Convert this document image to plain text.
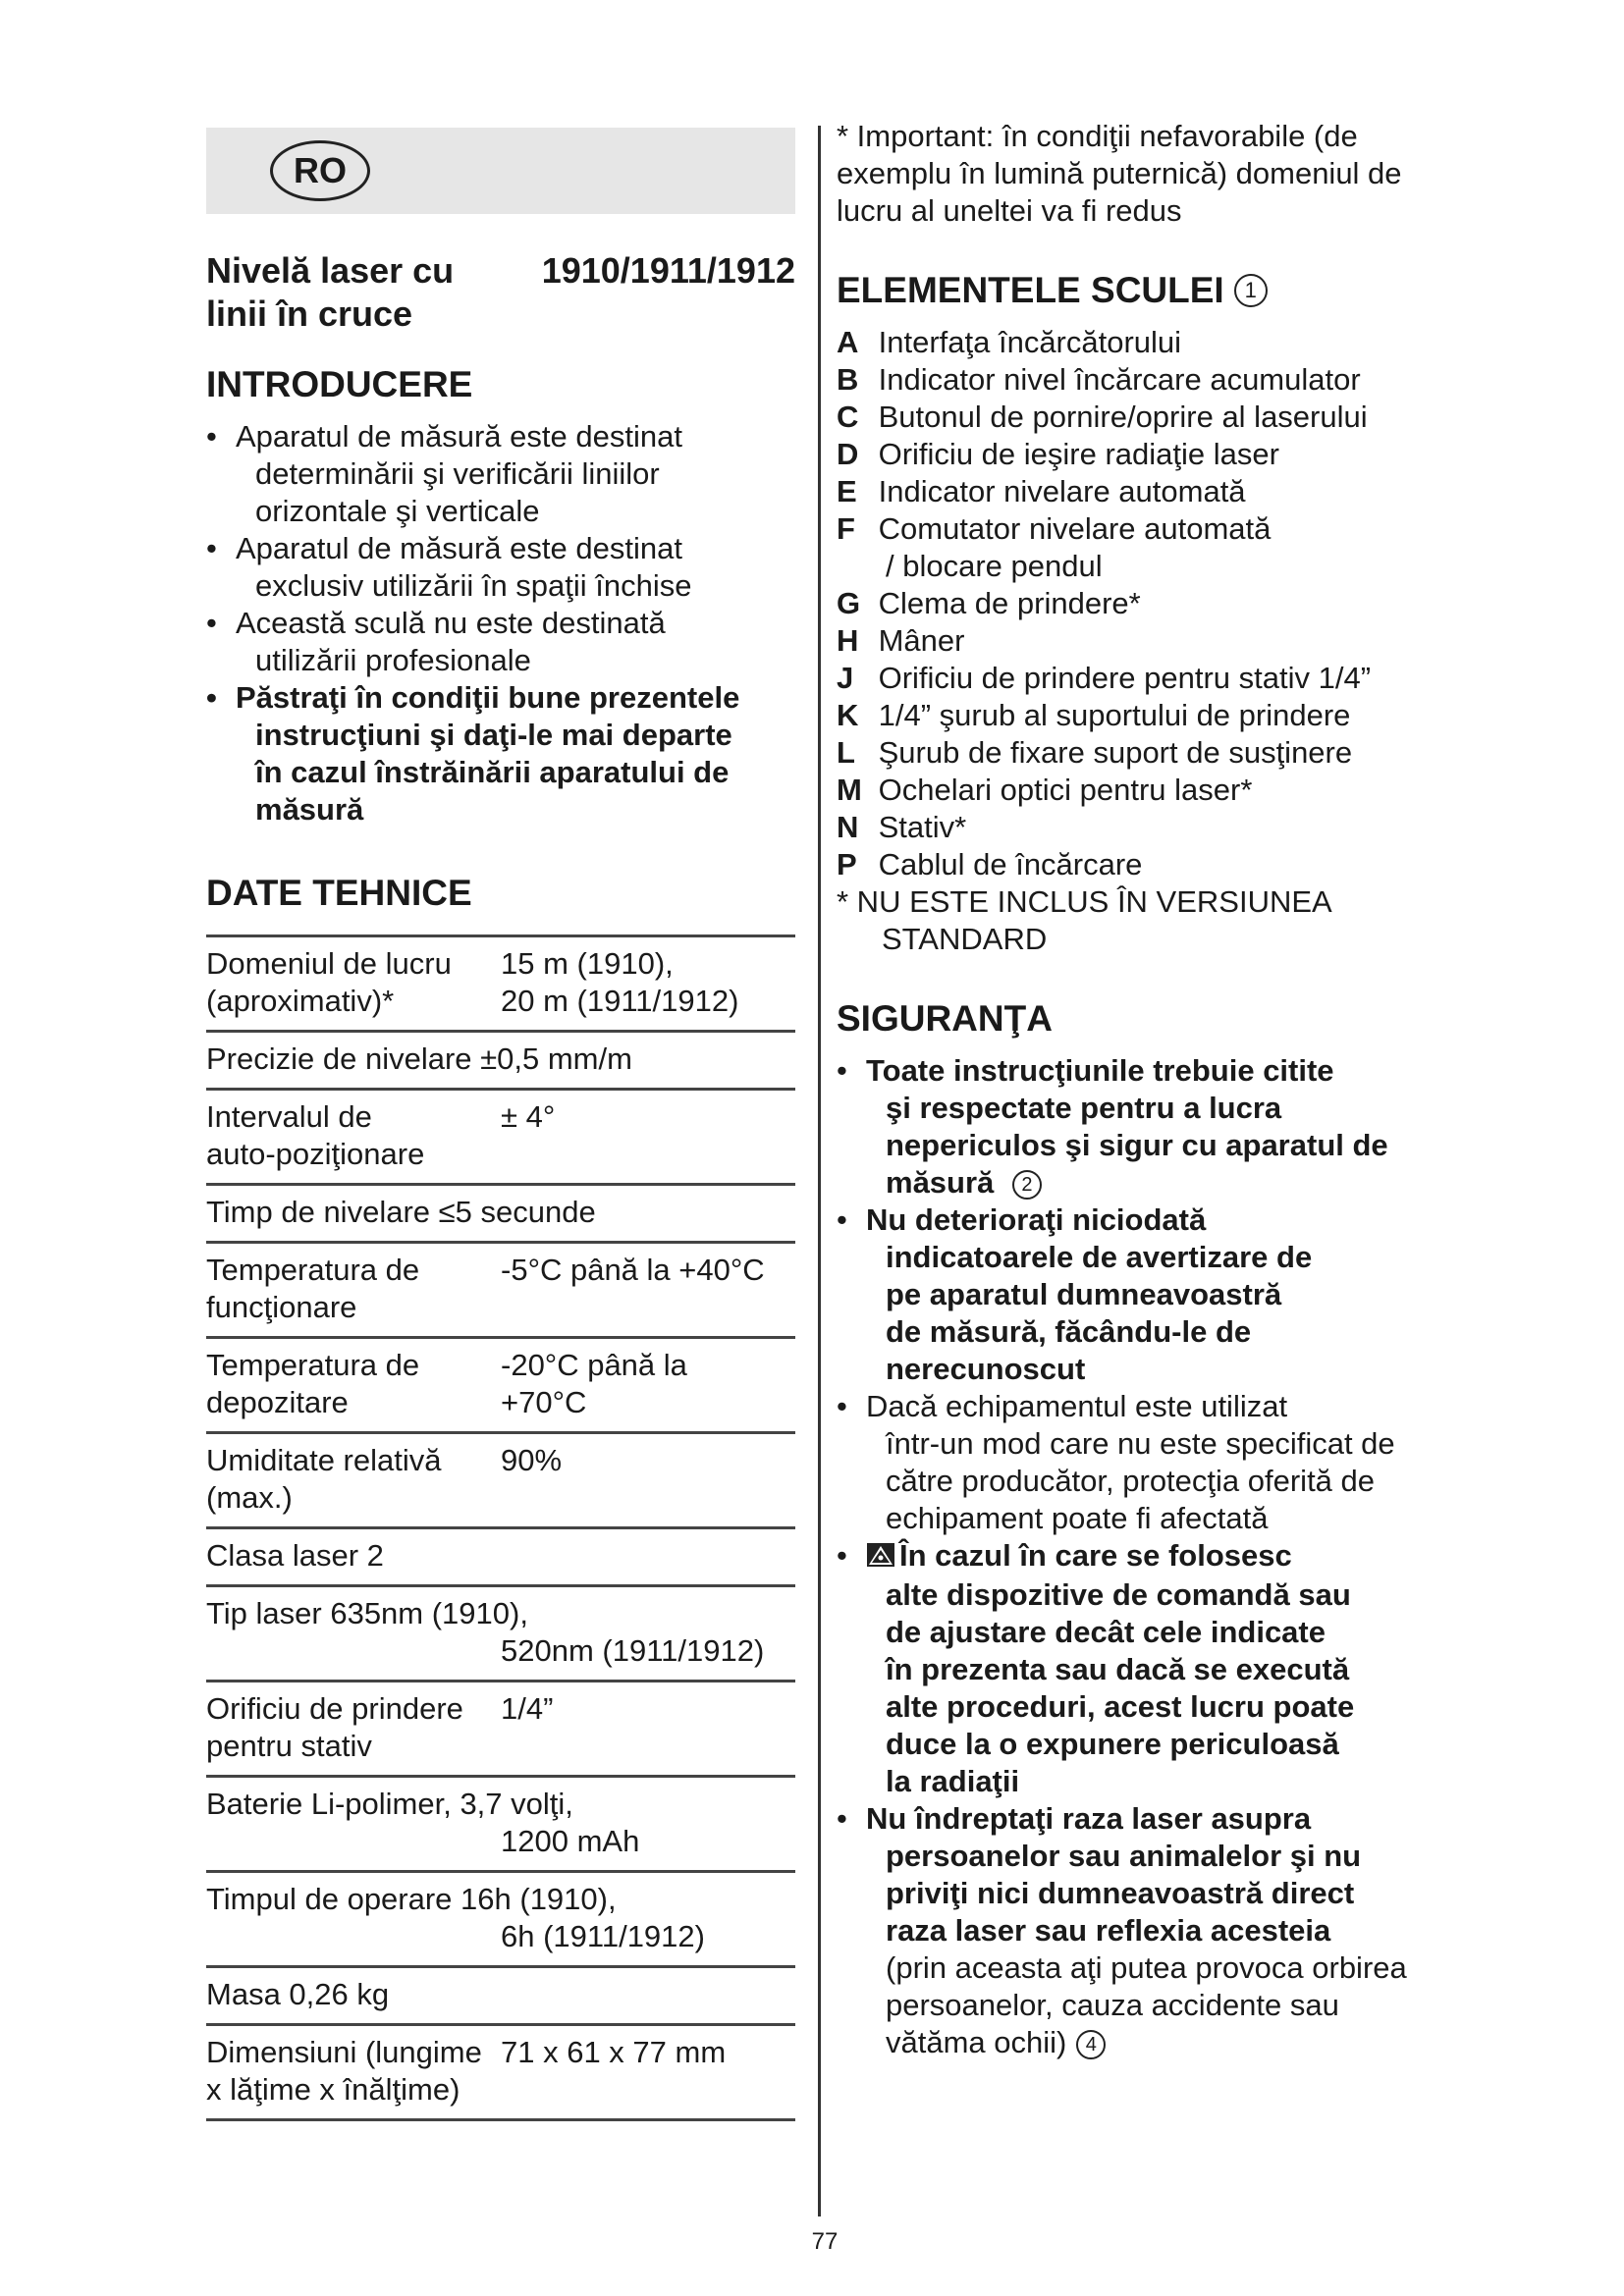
RO
Nivelă laser cu
linii în cruce
1910/1911/1912
INTRODUCERE
• Aparatul de măsură este destinat
determinării şi verificării liniilor
orizontale şi verticale
• Aparatul de măsură este destinat
exclusiv utilizării în spaţii închise
• Această sculă nu este destinată
utilizării profesionale
• Păstraţi în condiţii bune prezentele
instrucţiuni şi daţi-le mai departe
în cazul înstrăinării aparatului de
măsură
DATE TEHNICE
Domeniul de lucru
(aproximativ)*
15 m (1910),
20 m (1911/1912)
Precizie de nivelare ±0,5 mm/m
Intervalul de
auto-poziţionare
± 4°
Timp de nivelare ≤5 secunde
Temperatura de
funcţionare
-5°C până la +40°C
Temperatura de
depozitare
-20°C până la
+70°C
Umiditate relativă
(max.)
90%
Clasa laser 2
Tip laser 635nm (1910),
520nm (1911/1912)
Orificiu de prindere
pentru stativ
1/4”
Baterie Li-polimer, 3,7 volţi,
1200 mAh
Timpul de operare 16h (1910),
6h (1911/1912)
Masa 0,26 kg
Dimensiuni (lungime
x lăţime x înălţime)
71 x 61 x 77 mm
* Important: în condiţii nefavorabile (de
exemplu în lumină puternică) domeniul de
lucru al uneltei va fi redus
ELEMENTELE SCULEI 1
A Interfaţa încărcătorului
B Indicator nivel încărcare acumulator
C Butonul de pornire/oprire al laserului
D Orificiu de ieşire radiaţie laser
E Indicator nivelare automată
F Comutator nivelare automată
/ blocare pendul
G Clema de prindere*
H Mâner
J Orificiu de prindere pentru stativ 1/4”
K 1/4” şurub al suportului de prindere
L Şurub de fixare suport de susţinere
M Ochelari optici pentru laser*
N Stativ*
P Cablul de încărcare
* NU ESTE INCLUS ÎN VERSIUNEA
STANDARD
SIGURANŢA
• Toate instrucţiunile trebuie citite
şi respectate pentru a lucra
nepericulos şi sigur cu aparatul de
măsură 2
• Nu deterioraţi niciodată
indicatoarele de avertizare de
pe aparatul dumneavoastră
de măsură, făcându-le de
nerecunoscut
• Dacă echipamentul este utilizat
într-un mod care nu este specificat de
către producător, protecţia oferită de
echipament poate fi afectată
•	În cazul în care se folosesc
alte dispozitive de comandă sau
de ajustare decât cele indicate
în prezenta sau dacă se execută
alte proceduri, acest lucru poate
duce la o expunere periculoasă
la radiaţii
• Nu îndreptaţi raza laser asupra
persoanelor sau animalelor şi nu
priviţi nici dumneavoastră direct
raza laser sau reflexia acesteia
(prin aceasta aţi putea provoca orbirea
persoanelor, cauza accidente sau
vătăma ochii) 4
77
